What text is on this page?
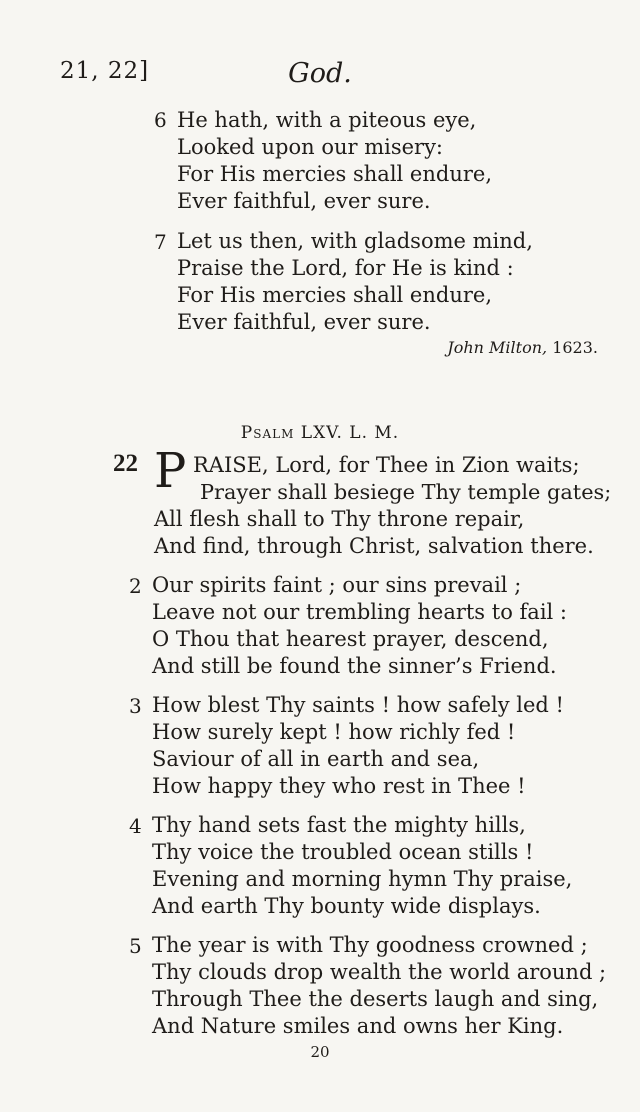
21, 22]	God.
6 He hath, with a piteous eye,
Looked upon our misery:
For His mercies shall endure,
Ever faithful, ever sure.
7 Let us then, with gladsome mind,
Praise the Lord, for He is kind :
For His mercies shall endure,
Ever faithful, ever sure.
John Milton, 1623.
Psalm LXV. L. M.
22 P RAISE, Lord, for Thee in Zion waits;
Prayer shall besiege Thy temple gates;
All flesh shall to Thy throne repair,
And find, through Christ, salvation there.
2 Our spirits faint ; our sins prevail ;
Leave not our trembling hearts to fail :
O Thou that hearest prayer, descend,
And still be found the sinner’s Friend.
3 How blest Thy saints ! how safely led !
How surely kept ! how richly fed !
Saviour of all in earth and sea,
How happy they who rest in Thee !
4 Thy hand sets fast the mighty hills,
Thy voice the troubled ocean stills !
Evening and morning hymn Thy praise,
And earth Thy bounty wide displays.
5 The year is with Thy goodness crowned ;
Thy clouds drop wealth the world around ;
Through Thee the deserts laugh and sing,
And Nature smiles and owns her King.
20
